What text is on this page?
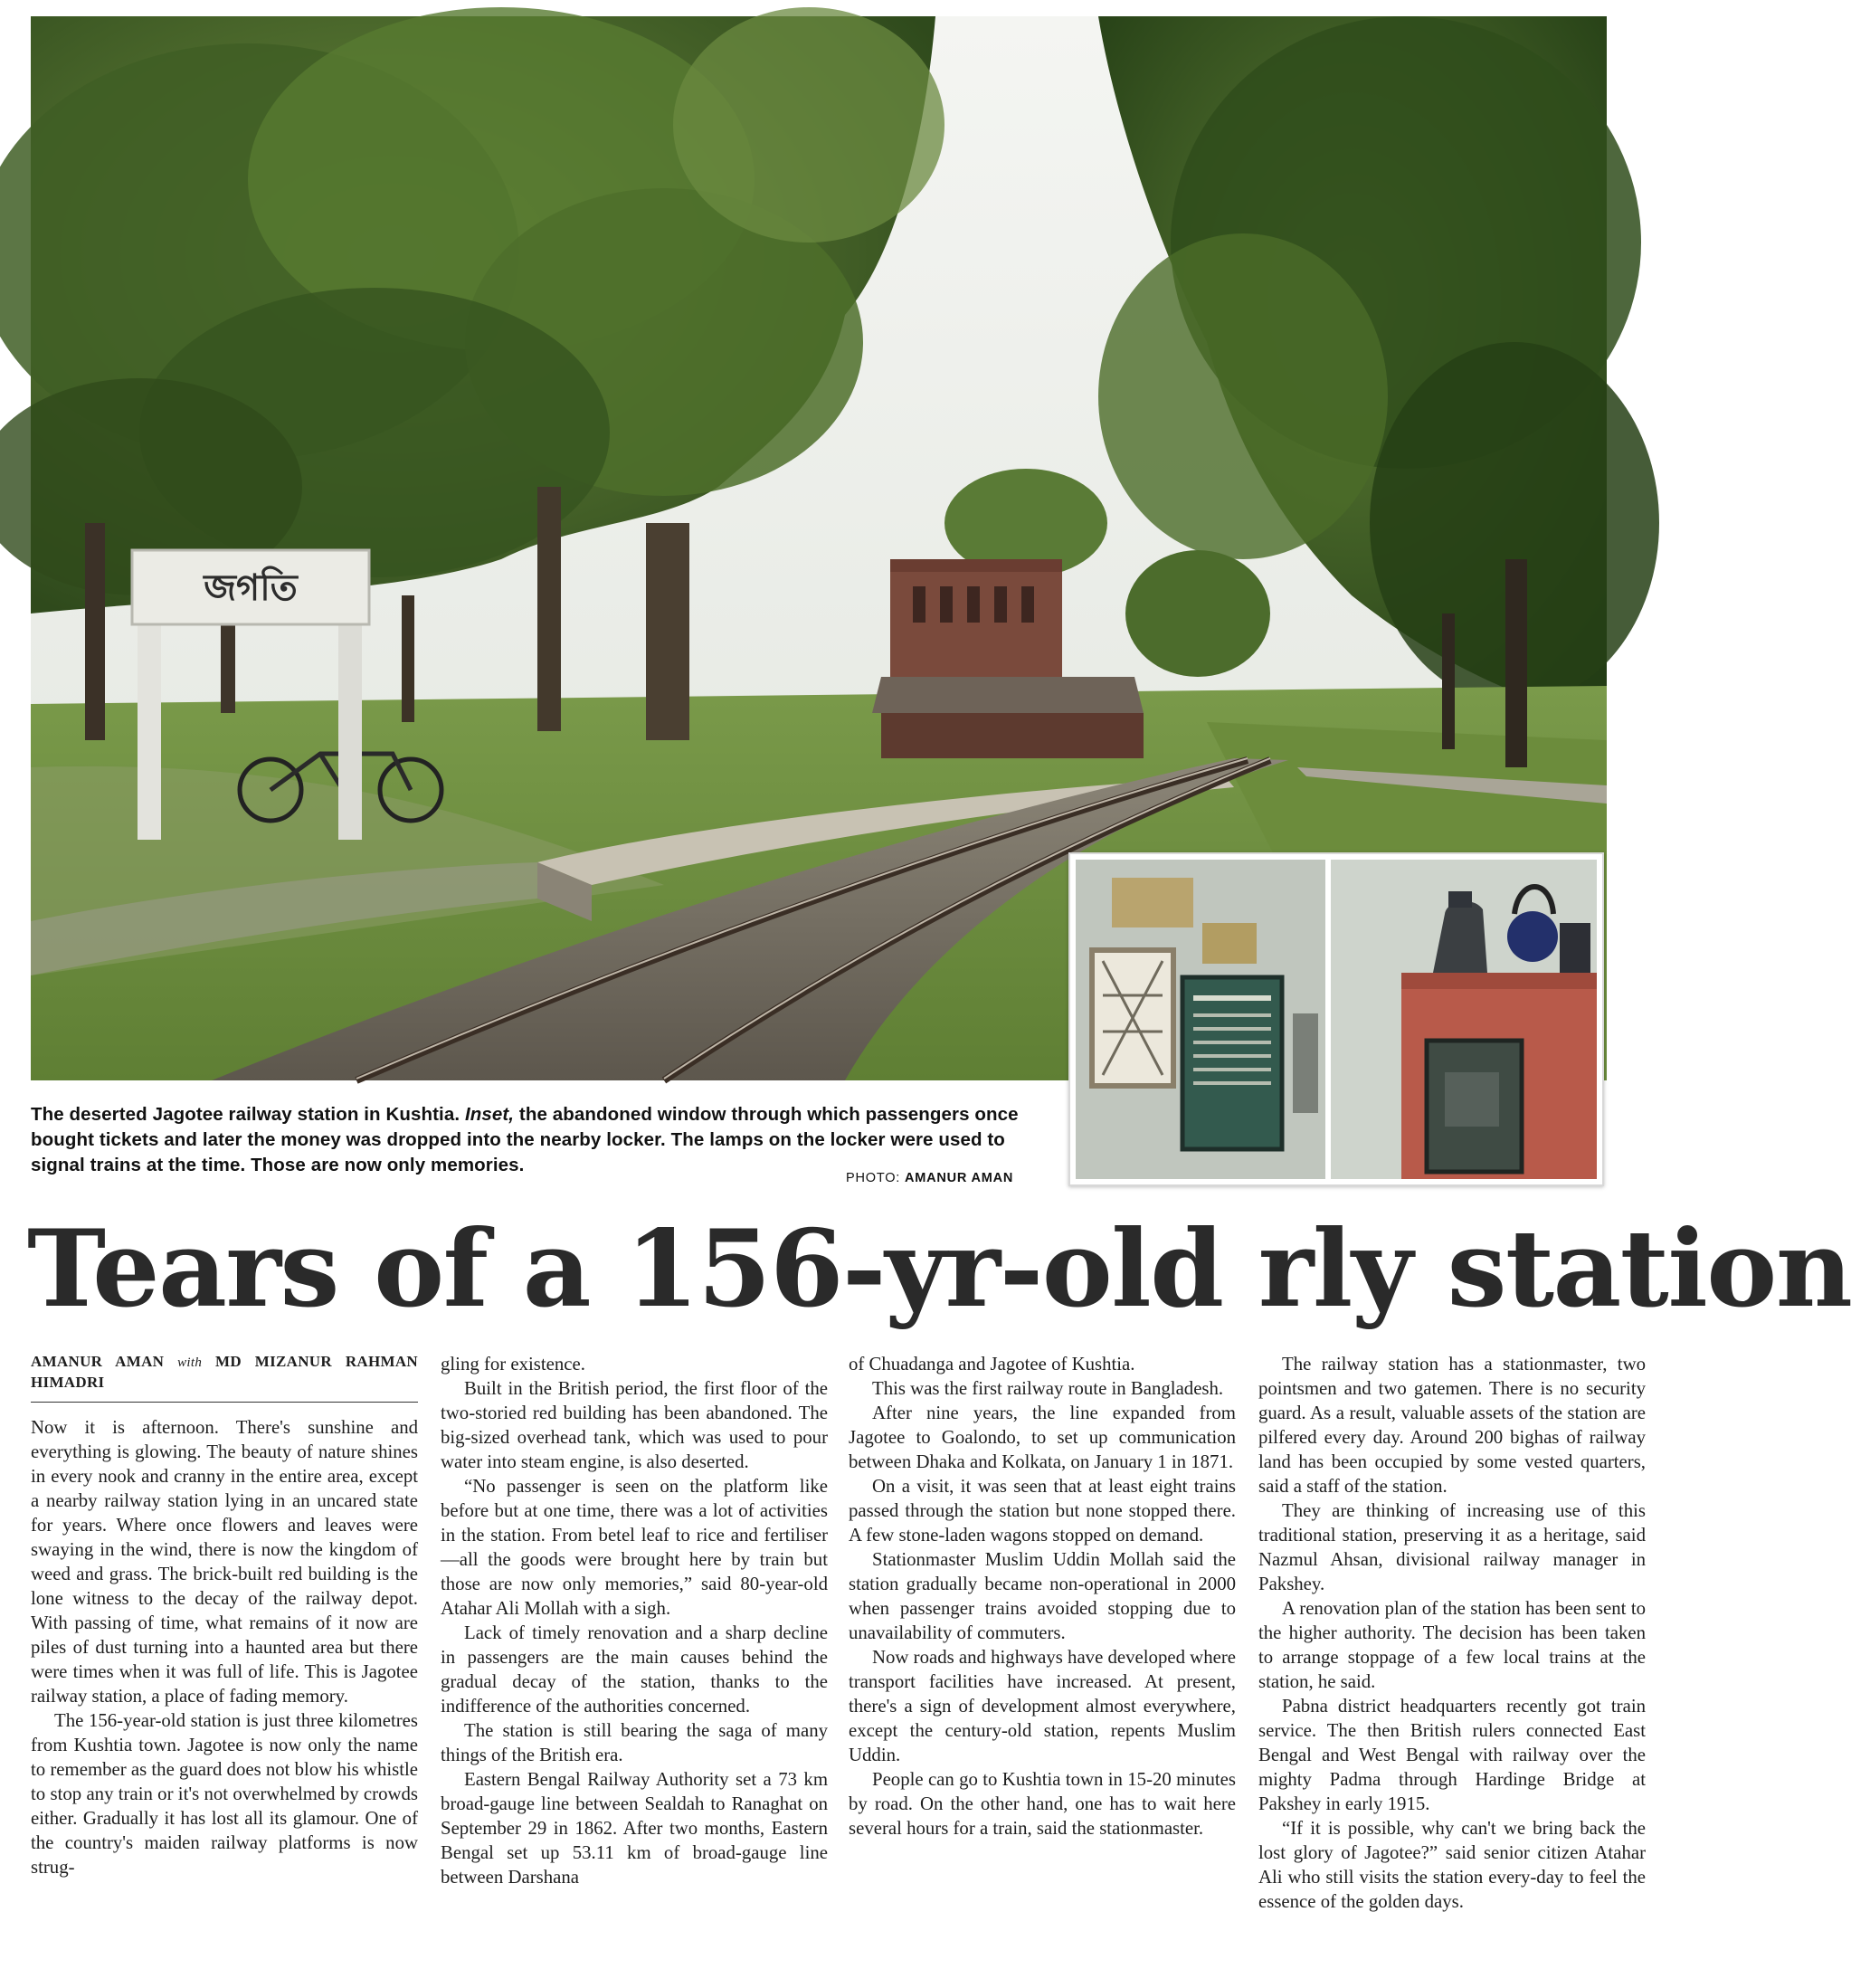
জগতি
The deserted Jagotee railway station in Kushtia. Inset, the abandoned window through which passengers once bought tickets and later the money was dropped into the nearby locker. The lamps on the locker were used to signal trains at the time. Those are now only memories.
PHOTO: AMANUR AMAN
Tears of a 156-yr-old rly station
AMANUR AMAN with MD MIZANUR RAHMAN HIMADRI

Now it is afternoon. There's sunshine and everything is glowing. The beauty of nature shines in every nook and cranny in the entire area, except a nearby railway station lying in an uncared state for years. Where once flowers and leaves were swaying in the wind, there is now the kingdom of weed and grass. The brick-built red building is the lone witness to the decay of the railway depot. With passing of time, what remains of it now are piles of dust turning into a haunted area but there were times when it was full of life. This is Jagotee railway station, a place of fading memory.

The 156-year-old station is just three kilometres from Kushtia town. Jagotee is now only the name to remember as the guard does not blow his whistle to stop any train or it's not overwhelmed by crowds either. Gradually it has lost all its glamour. One of the country's maiden railway platforms is now strug-

gling for existence.

Built in the British period, the first floor of the two-storied red building has been abandoned. The big-sized overhead tank, which was used to pour water into steam engine, is also deserted.

“No passenger is seen on the platform like before but at one time, there was a lot of activities in the station. From betel leaf to rice and fertiliser—all the goods were brought here by train but those are now only memories,” said 80-year-old Atahar Ali Mollah with a sigh.

Lack of timely renovation and a sharp decline in passengers are the main causes behind the gradual decay of the station, thanks to the indifference of the authorities concerned.

The station is still bearing the saga of many things of the British era.

Eastern Bengal Railway Authority set a 73 km broad-gauge line between Sealdah to Ranaghat on September 29 in 1862. After two months, Eastern Bengal set up 53.11 km of broad-gauge line between Darshana

of Chuadanga and Jagotee of Kushtia.

This was the first railway route in Bangladesh.

After nine years, the line expanded from Jagotee to Goalondo, to set up communication between Dhaka and Kolkata, on January 1 in 1871.

On a visit, it was seen that at least eight trains passed through the station but none stopped there. A few stone-laden wagons stopped on demand.

Stationmaster Muslim Uddin Mollah said the station gradually became non-operational in 2000 when passenger trains avoided stopping due to unavailability of commuters.

Now roads and highways have developed where transport facilities have increased. At present, there's a sign of development almost everywhere, except the century-old station, repents Muslim Uddin.

People can go to Kushtia town in 15-20 minutes by road. On the other hand, one has to wait here several hours for a train, said the stationmaster.

The railway station has a stationmaster, two pointsmen and two gatemen. There is no security guard. As a result, valuable assets of the station are pilfered every day. Around 200 bighas of railway land has been occupied by some vested quarters, said a staff of the station.

They are thinking of increasing use of this traditional station, preserving it as a heritage, said Nazmul Ahsan, divisional railway manager in Pakshey.

A renovation plan of the station has been sent to the higher authority. The decision has been taken to arrange stoppage of a few local trains at the station, he said.

Pabna district headquarters recently got train service. The then British rulers connected East Bengal and West Bengal with railway over the mighty Padma through Hardinge Bridge at Pakshey in early 1915.

“If it is possible, why can't we bring back the lost glory of Jagotee?” said senior citizen Atahar Ali who still visits the station every-day to feel the essence of the golden days.
